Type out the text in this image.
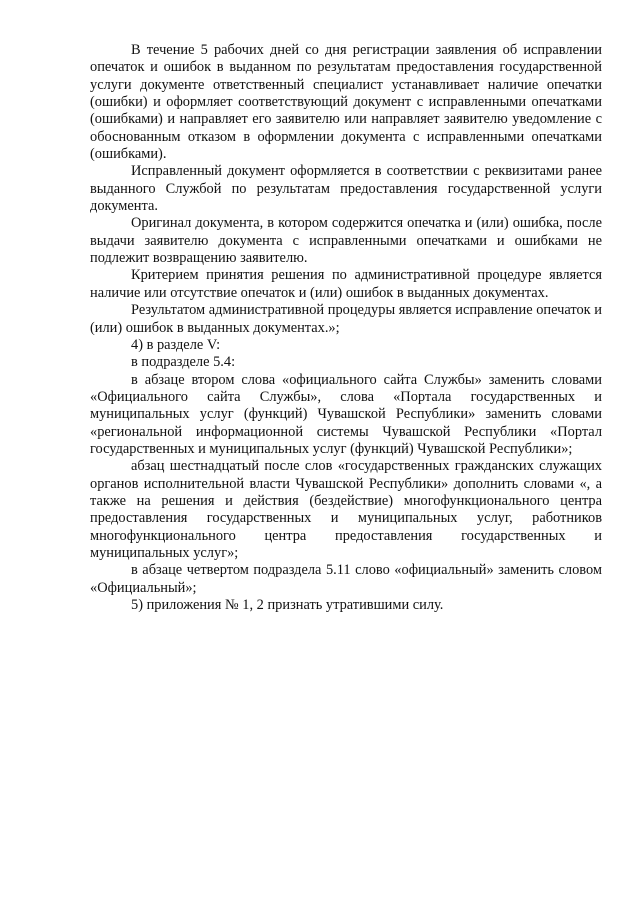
В течение 5 рабочих дней со дня регистрации заявления об исправлении опечаток и ошибок в выданном по результатам предоставления государственной услуги документе ответственный специалист устанавливает наличие опечатки (ошибки) и оформляет соответствующий документ с исправленными опечатками (ошибками) и направляет его заявителю или направляет заявителю уведомление с обоснованным отказом в оформлении документа с исправленными опечатками (ошибками).

Исправленный документ оформляется в соответствии с реквизитами ранее выданного Службой по результатам предоставления государственной услуги документа.

Оригинал документа, в котором содержится опечатка и (или) ошибка, после выдачи заявителю документа с исправленными опечатками и ошибками не подлежит возвращению заявителю.

Критерием принятия решения по административной процедуре является наличие или отсутствие опечаток и (или) ошибок в выданных документах.

Результатом административной процедуры является исправление опечаток и (или) ошибок в выданных документах.»;

4) в разделе V:

в подразделе 5.4:

в абзаце втором слова «официального сайта Службы» заменить словами «Официального сайта Службы», слова «Портала государственных и муниципальных услуг (функций) Чувашской Республики» заменить словами «региональной информационной системы Чувашской Республики «Портал государственных и муниципальных услуг (функций) Чувашской Республики»;

абзац шестнадцатый после слов «государственных гражданских служащих органов исполнительной власти Чувашской Республики» дополнить словами «, а также на решения и действия (бездействие) многофункционального центра предоставления государственных и муниципальных услуг, работников многофункционального центра предоставления государственных и муниципальных услуг»;

в абзаце четвертом подраздела 5.11 слово «официальный» заменить словом «Официальный»;

5) приложения № 1, 2 признать утратившими силу.
